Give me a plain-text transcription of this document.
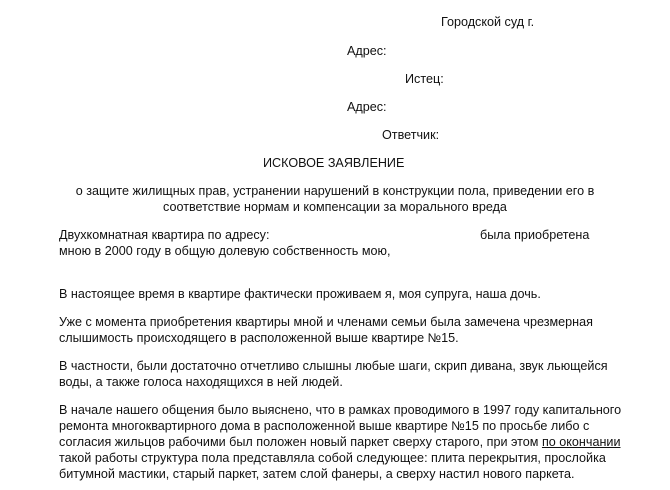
Городской суд г.
Адрес:
Истец:
Адрес:
Ответчик:
ИСКОВОЕ ЗАЯВЛЕНИЕ
о защите жилищных прав, устранении нарушений в конструкции пола, приведении его в
соответствие нормам и компенсации за морального вреда
Двухкомнатная квартира по адресу:	была приобретена
мною в 2000 году в общую долевую собственность мою,
В настоящее время в квартире фактически проживаем я, моя супруга, наша дочь.
Уже с момента приобретения квартиры мной и членами семьи была замечена чрезмерная
слышимость происходящего в расположенной выше квартире №15.
В частности, были достаточно отчетливо слышны любые шаги, скрип дивана, звук льющейся
воды, а также голоса находящихся в ней людей.
В начале нашего общения было выяснено, что в рамках проводимого в 1997 году капитального
ремонта многоквартирного дома в расположенной выше квартире №15 по просьбе либо с
согласия жильцов рабочими был положен новый паркет сверху старого, при этом по окончании
такой работы структура пола представляла собой следующее: плита перекрытия, прослойка
битумной мастики, старый паркет, затем слой фанеры, а сверху настил нового паркета.
